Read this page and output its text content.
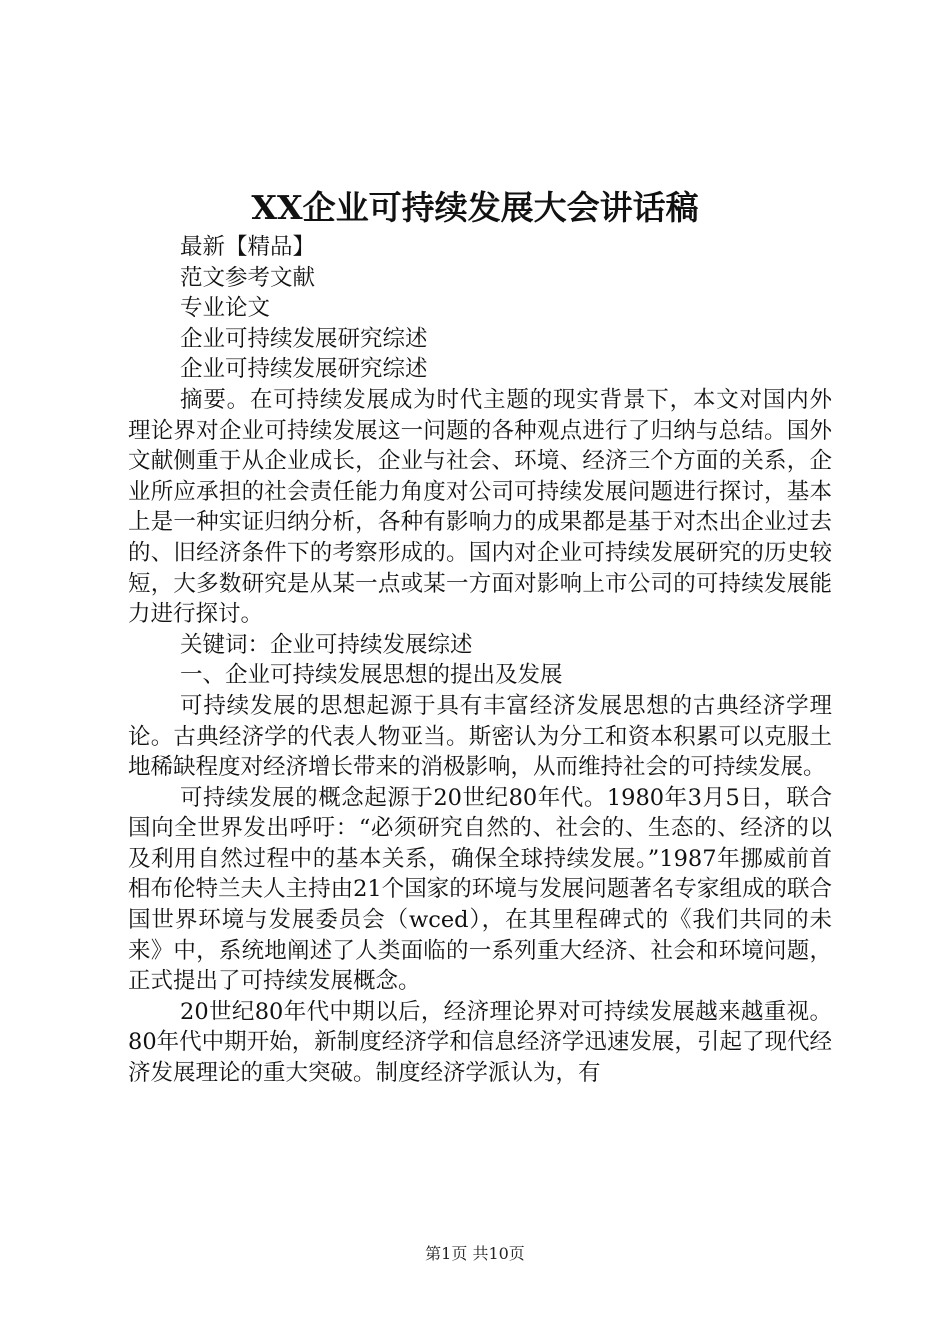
XX企业可持续发展大会讲话稿

最新【精品】

范文参考文献

专业论文

企业可持续发展研究综述

企业可持续发展研究综述

摘要。在可持续发展成为时代主题的现实背景下，本文对国内外理论界对企业可持续发展这一问题的各种观点进行了归纳与总结。国外文献侧重于从企业成长，企业与社会、环境、经济三个方面的关系，企业所应承担的社会责任能力角度对公司可持续发展问题进行探讨，基本上是一种实证归纳分析，各种有影响力的成果都是基于对杰出企业过去的、旧经济条件下的考察形成的。国内对企业可持续发展研究的历史较短，大多数研究是从某一点或某一方面对影响上市公司的可持续发展能力进行探讨。

关键词：企业可持续发展综述

一、企业可持续发展思想的提出及发展

可持续发展的思想起源于具有丰富经济发展思想的古典经济学理论。古典经济学的代表人物亚当。斯密认为分工和资本积累可以克服土地稀缺程度对经济增长带来的消极影响，从而维持社会的可持续发展。

可持续发展的概念起源于20世纪80年代。1980年3月5日，联合国向全世界发出呼吁：“必须研究自然的、社会的、生态的、经济的以及利用自然过程中的基本关系，确保全球持续发展。”1987年挪威前首相布伦特兰夫人主持由21个国家的环境与发展问题著名专家组成的联合国世界环境与发展委员会（wced），在其里程碑式的《我们共同的未来》中，系统地阐述了人类面临的一系列重大经济、社会和环境问题，正式提出了可持续发展概念。

20世纪80年代中期以后，经济理论界对可持续发展越来越重视。80年代中期开始，新制度经济学和信息经济学迅速发展，引起了现代经济发展理论的重大突破。制度经济学派认为，有

第1页 共10页
